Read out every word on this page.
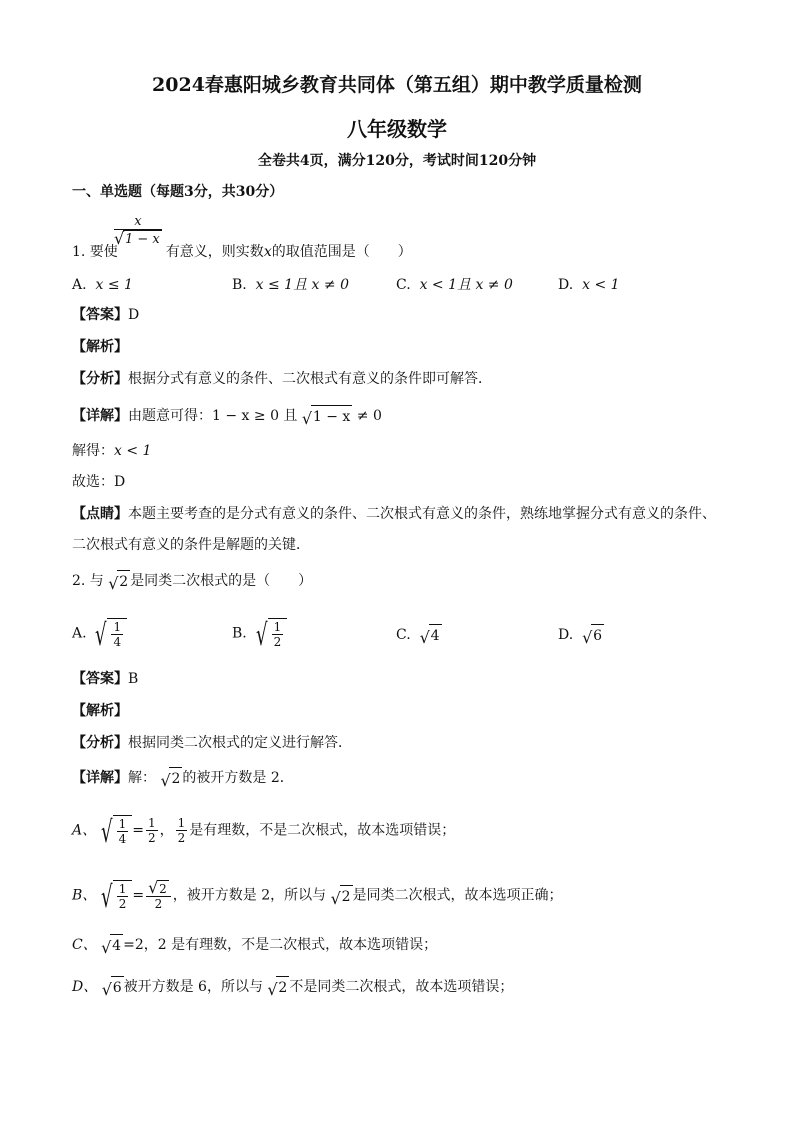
2024春惠阳城乡教育共同体（第五组）期中教学质量检测
八年级数学
全卷共4页，满分120分，考试时间120分钟
一、单选题（每题3分，共30分）
x
√ 1 − x
1. 要使	有意义，则实数x的取值范围是（　　）
A. x ≤ 1	B. x ≤ 1且 x ≠ 0	C. x < 1且 x ≠ 0	D. x < 1
【答案】D
【解析】
【分析】根据分式有意义的条件、二次根式有意义的条件即可解答．
【详解】由题意可得：1 − x ≥ 0 且 √ 1 − x ≠ 0
解得：x < 1
故选：D
【点睛】本题主要考查的是分式有意义的条件、二次根式有意义的条件，熟练地掌握分式有意义的条件、
二次根式有意义的条件是解题的关键．
2. 与 √ 2 是同类二次根式的是（　　）
A. √ $\frac{1}{4}$	B. √ $\frac{1}{2}$	C. √ 4	D. √ 6
【答案】B
【解析】
【分析】根据同类二次根式的定义进行解答．
【详解】解： √ 2 的被开方数是 2．
A、 √ $\frac{1}{4} = \frac{1}{2}$ ， $\frac{1}{2}$ 是有理数，不是二次根式，故本选项错误；
B、 √ $\frac{1}{2} = \frac{√ 2}{2}$ ，被开方数是 2，所以与 √ 2 是同类二次根式，故本选项正确；
C、 √ 4 =2，2 是有理数，不是二次根式，故本选项错误；
D、 √ 6 被开方数是 6，所以与 √ 2 不是同类二次根式，故本选项错误；
